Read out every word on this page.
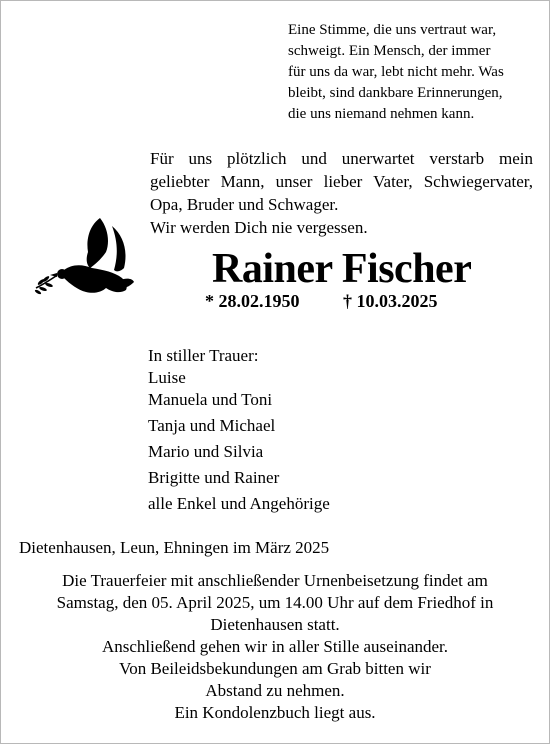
Eine Stimme, die uns vertraut war,
schweigt. Ein Mensch, der immer
für uns da war, lebt nicht mehr. Was
bleibt, sind dankbare Erinnerungen,
die uns niemand nehmen kann.
Für uns plötzlich und unerwartet verstarb mein
geliebter Mann, unser lieber Vater, Schwiegervater,
Opa, Bruder und Schwager.
Wir werden Dich nie vergessen.
Rainer Fischer
* 28.02.1950 † 10.03.2025
In stiller Trauer:
Luise
Manuela und Toni
Tanja und Michael
Mario und Silvia
Brigitte und Rainer
alle Enkel und Angehörige
Dietenhausen, Leun, Ehningen im März 2025
Die Trauerfeier mit anschließender Urnenbeisetzung findet am
Samstag, den 05. April 2025, um 14.00 Uhr auf dem Friedhof in
Dietenhausen statt.
Anschließend gehen wir in aller Stille auseinander.
Von Beileidsbekundungen am Grab bitten wir
Abstand zu nehmen.
Ein Kondolenzbuch liegt aus.
